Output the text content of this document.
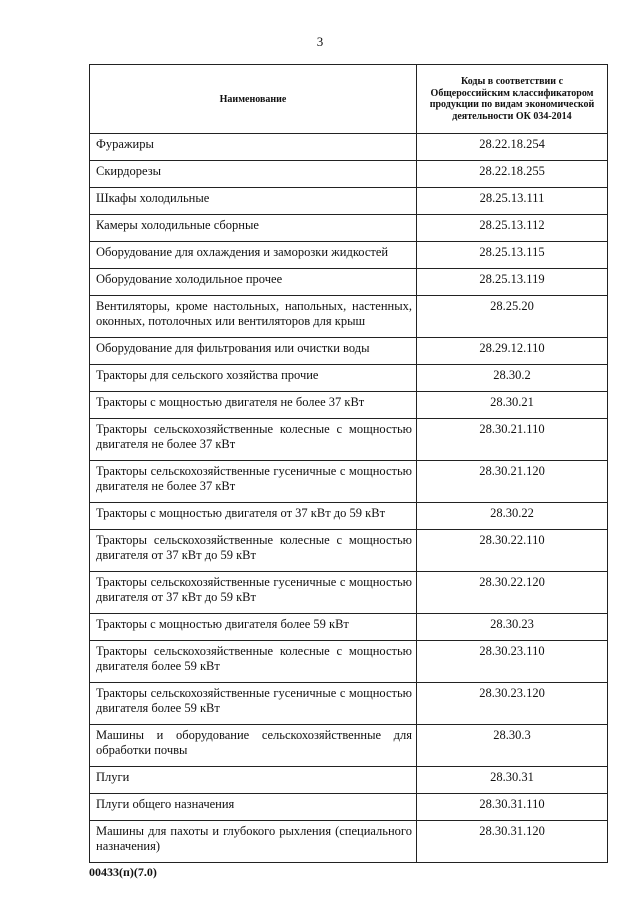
3
Наименование	Коды в соответствии с Общероссийским классификатором продукции по видам экономической деятельности ОК 034-2014
Фуражиры	28.22.18.254
Скирдорезы	28.22.18.255
Шкафы холодильные	28.25.13.111
Камеры холодильные сборные	28.25.13.112
Оборудование для охлаждения и заморозки жидкостей	28.25.13.115
Оборудование холодильное прочее	28.25.13.119
Вентиляторы, кроме настольных, напольных, настенных, оконных, потолочных или вентиляторов для крыш	28.25.20
Оборудование для фильтрования или очистки воды	28.29.12.110
Тракторы для сельского хозяйства прочие	28.30.2
Тракторы с мощностью двигателя не более 37 кВт	28.30.21
Тракторы сельскохозяйственные колесные с мощностью двигателя не более 37 кВт	28.30.21.110
Тракторы сельскохозяйственные гусеничные с мощностью двигателя не более 37 кВт	28.30.21.120
Тракторы с мощностью двигателя от 37 кВт до 59 кВт	28.30.22
Тракторы сельскохозяйственные колесные с мощностью двигателя от 37 кВт до 59 кВт	28.30.22.110
Тракторы сельскохозяйственные гусеничные с мощностью двигателя от 37 кВт до 59 кВт	28.30.22.120
Тракторы с мощностью двигателя более 59 кВт	28.30.23
Тракторы сельскохозяйственные колесные с мощностью двигателя более 59 кВт	28.30.23.110
Тракторы сельскохозяйственные гусеничные с мощностью двигателя более 59 кВт	28.30.23.120
Машины и оборудование сельскохозяйственные для обработки почвы	28.30.3
Плуги	28.30.31
Плуги общего назначения	28.30.31.110
Машины для пахоты и глубокого рыхления (специального назначения)	28.30.31.120
00433(п)(7.0)
